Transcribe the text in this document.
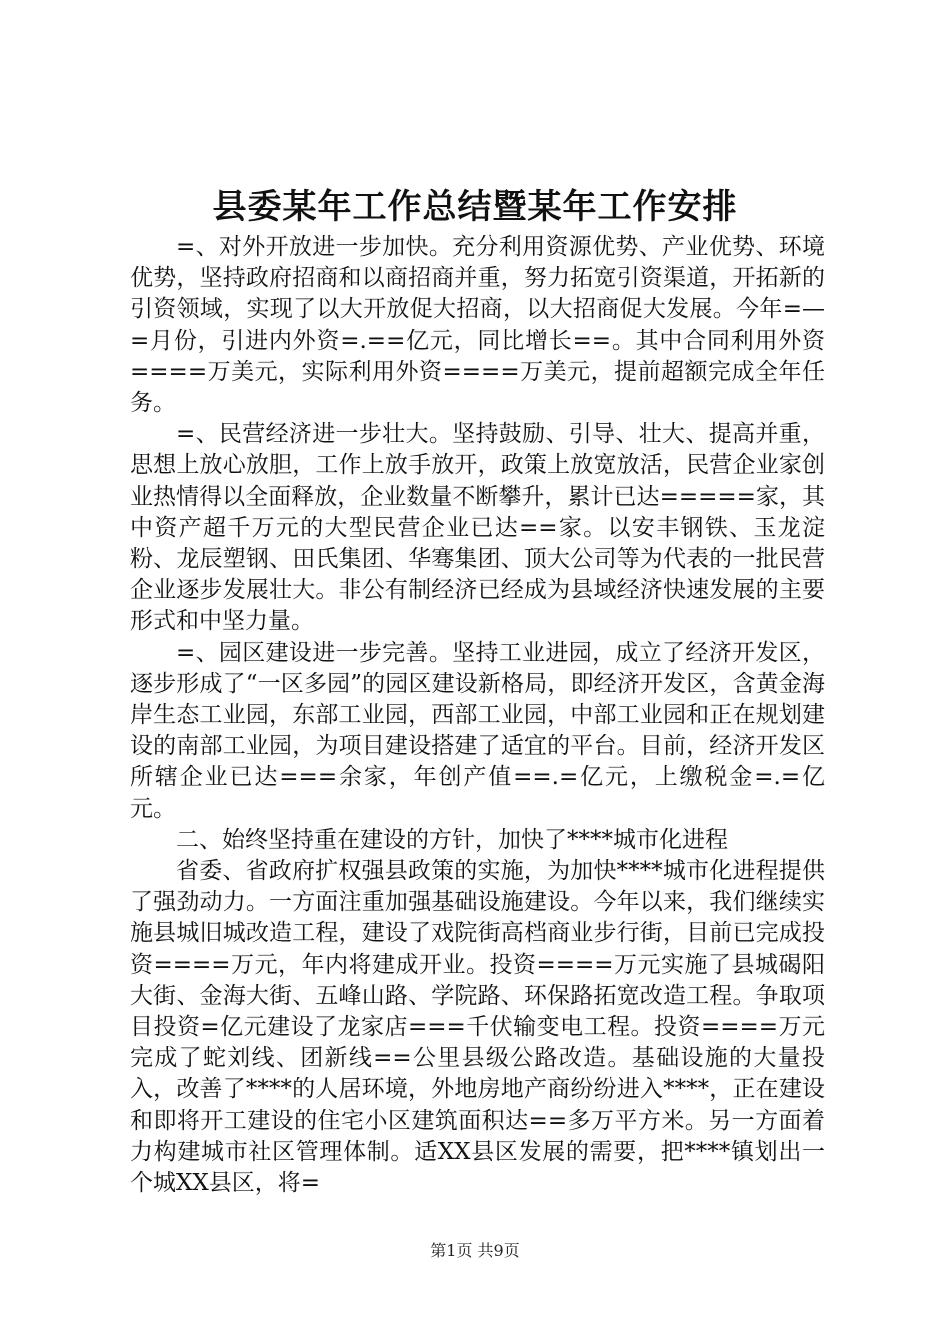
县委某年工作总结暨某年工作安排

=、对外开放进一步加快。充分利用资源优势、产业优势、环境优势，坚持政府招商和以商招商并重，努力拓宽引资渠道，开拓新的引资领域，实现了以大开放促大招商，以大招商促大发展。今年=—=月份，引进内外资=.==亿元，同比增长==。其中合同利用外资====万美元，实际利用外资====万美元，提前超额完成全年任务。

=、民营经济进一步壮大。坚持鼓励、引导、壮大、提高并重，思想上放心放胆，工作上放手放开，政策上放宽放活，民营企业家创业热情得以全面释放，企业数量不断攀升，累计已达=====家，其中资产超千万元的大型民营企业已达==家。以安丰钢铁、玉龙淀粉、龙辰塑钢、田氏集团、华骞集团、顶大公司等为代表的一批民营企业逐步发展壮大。非公有制经济已经成为县域经济快速发展的主要形式和中坚力量。

=、园区建设进一步完善。坚持工业进园，成立了经济开发区，逐步形成了“一区多园”的园区建设新格局，即经济开发区，含黄金海岸生态工业园，东部工业园，西部工业园，中部工业园和正在规划建设的南部工业园，为项目建设搭建了适宜的平台。目前，经济开发区所辖企业已达===余家，年创产值==.=亿元，上缴税金=.=亿元。

二、始终坚持重在建设的方针，加快了****城市化进程

省委、省政府扩权强县政策的实施，为加快****城市化进程提供了强劲动力。一方面注重加强基础设施建设。今年以来，我们继续实施县城旧城改造工程，建设了戏院街高档商业步行街，目前已完成投资====万元，年内将建成开业。投资====万元实施了县城碣阳大街、金海大街、五峰山路、学院路、环保路拓宽改造工程。争取项目投资=亿元建设了龙家店===千伏输变电工程。投资====万元完成了蛇刘线、团新线==公里县级公路改造。基础设施的大量投入，改善了****的人居环境，外地房地产商纷纷进入****，正在建设和即将开工建设的住宅小区建筑面积达==多万平方米。另一方面着力构建城市社区管理体制。适XX县区发展的需要，把****镇划出一个城XX县区，将=

第1页 共9页
